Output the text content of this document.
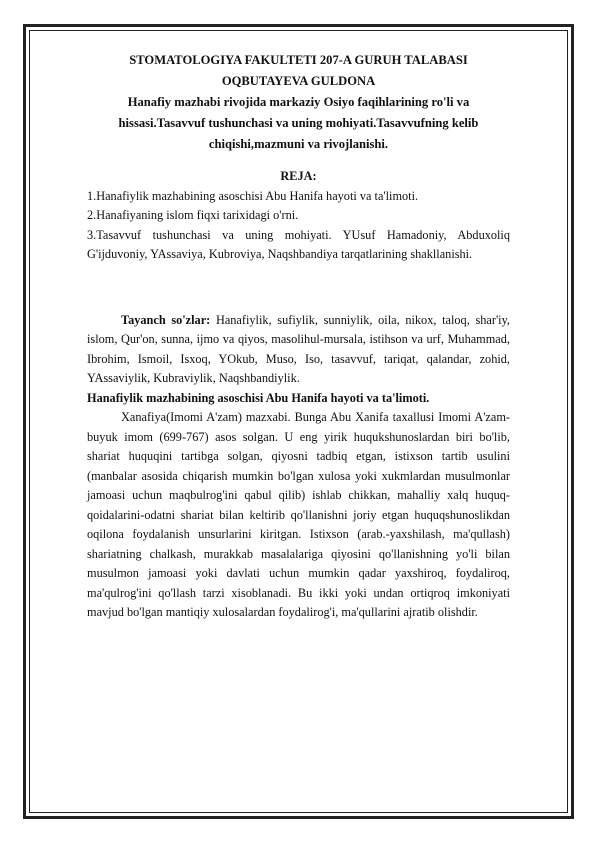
STOMATOLOGIYA FAKULTETI 207-A GURUH TALABASI

OQBUTAYEVA GULDONA

Hanafiy mazhabi rivojida markaziy Osiyo faqihlarining ro'li va hissasi.Tasavvuf tushunchasi va uning mohiyati.Tasavvufning kelib chiqishi,mazmuni va rivojlanishi.

REJA:

1.Hanafiylik mazhabining asoschisi Abu Hanifa hayoti va ta'limoti.

2.Hanafiyaning islom fiqxi tarixidagi o'rni.

3.Tasavvuf tushunchasi va uning mohiyati. YUsuf Hamadoniy, Abduxoliq G'ijduvoniy, YAssaviya, Kubroviya, Naqshbandiya tarqatlarining shakllanishi.

Tayanch so'zlar: Hanafiylik, sufiylik, sunniylik, oila, nikox, taloq, shar'iy, islom, Qur'on, sunna, ijmo va qiyos, masolihul-mursala, istihson va urf, Muhammad, Ibrohim, Ismoil, Isxoq, YOkub, Muso, Iso, tasavvuf, tariqat, qalandar, zohid, YAssaviylik, Kubraviylik, Naqshbandiylik.

Hanafiylik mazhabining asoschisi Abu Hanifa hayoti va ta'limoti.

Xanafiya(Imomi A'zam) mazxabi. Bunga Abu Xanifa taxallusi Imomi A'zam- buyuk imom (699-767) asos solgan. U eng yirik huqukshunoslardan biri bo'lib, shariat huquqini tartibga solgan, qiyosni tadbiq etgan, istixson tartib usulini (manbalar asosida chiqarish mumkin bo'lgan xulosa yoki xukmlardan musulmonlar jamoasi uchun maqbulrog'ini qabul qilib) ishlab chikkan, mahalliy xalq huquq-qoidalarini-odatni shariat bilan keltirib qo'llanishni joriy etgan huquqshunoslikdan oqilona foydalanish unsurlarini kiritgan. Istixson (arab.-yaxshilash, ma'qullash) shariatning chalkash, murakkab masalalariga qiyosini qo'llanishning yo'li bilan musulmon jamoasi yoki davlati uchun mumkin qadar yaxshiroq, foydaliroq, ma'qulrog'ini qo'llash tarzi xisoblanadi. Bu ikki yoki undan ortiqroq imkoniyati mavjud bo'lgan mantiqiy xulosalardan foydalirog'i, ma'qullarini ajratib olishdir.
